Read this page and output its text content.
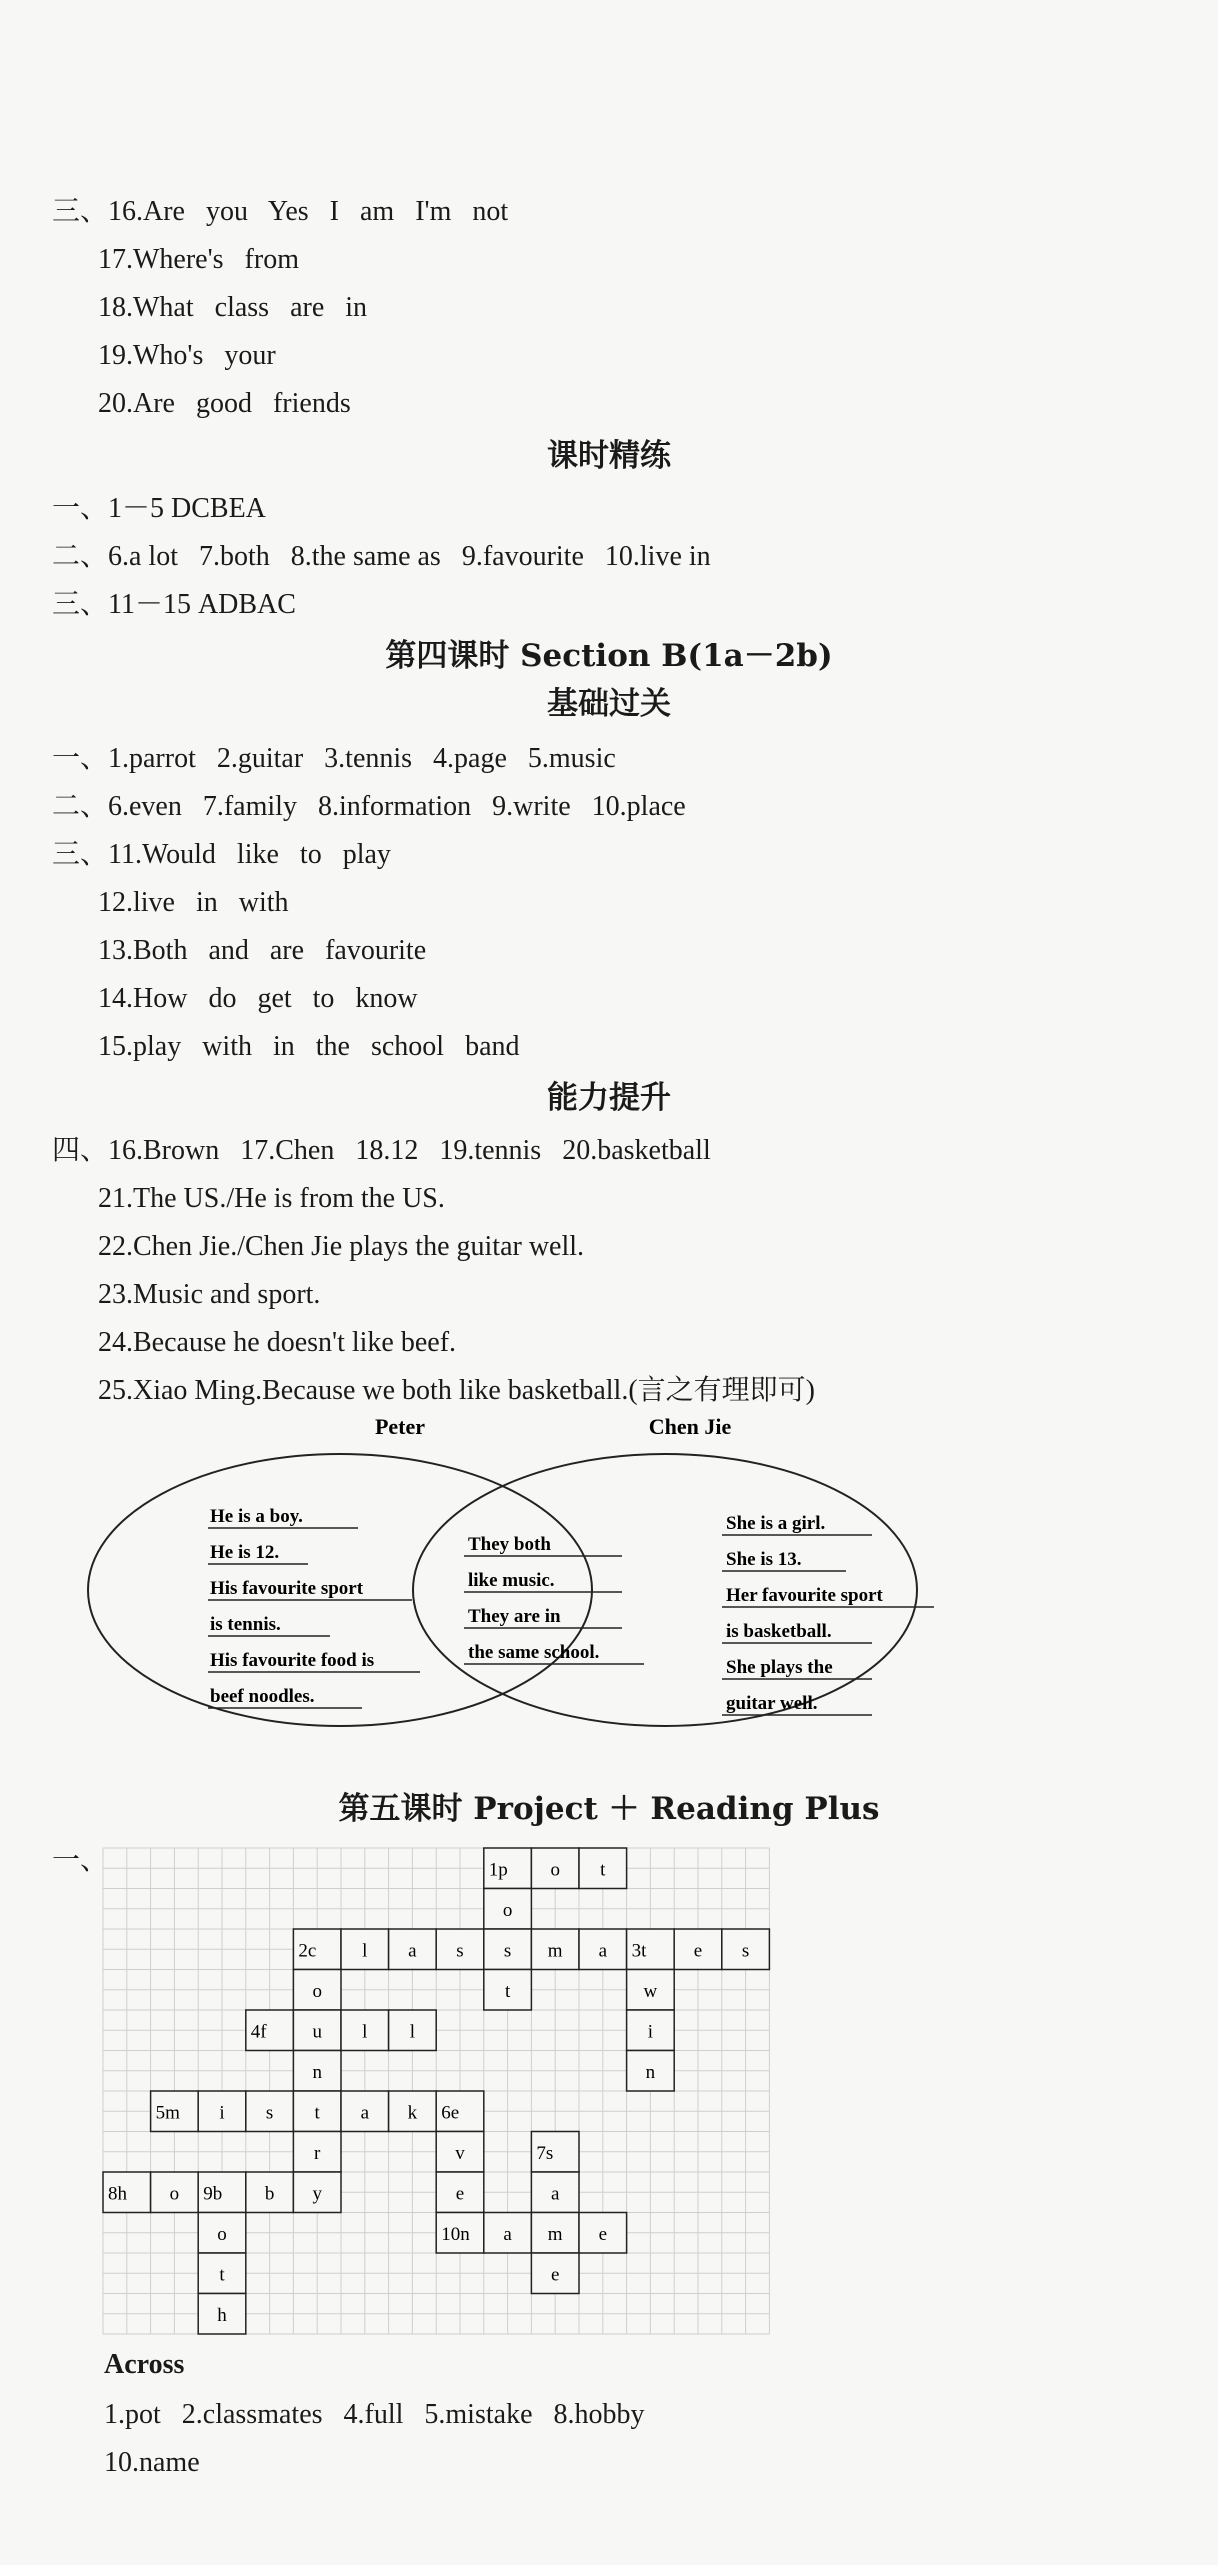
三、16.Are   you   Yes   I   am   I'm   not
17.Where's   from
18.What   class   are   in
19.Who's   your
20.Are   good   friends
课时精练
一、1－5 DCBEA
二、6.a lot   7.both   8.the same as   9.favourite   10.live in
三、11－15 ADBAC
第四课时 Section B(1a－2b)
基础过关
一、1.parrot   2.guitar   3.tennis   4.page   5.music
二、6.even   7.family   8.information   9.write   10.place
三、11.Would   like   to   play
12.live   in   with
13.Both   and   are   favourite
14.How   do   get   to   know
15.play   with   in   the   school   band
能力提升
四、16.Brown   17.Chen   18.12   19.tennis   20.basketball
21.The US./He is from the US.
22.Chen Jie./Chen Jie plays the guitar well.
23.Music and sport.
24.Because he doesn't like beef.
25.Xiao Ming.Because we both like basketball.(言之有理即可)
Peter	Chen Jie
He is a boy.
He is 12.
His favourite sport
is tennis.
His favourite food is
beef noodles.
They both
like music.
They are in
the same school.
She is a girl.
She is 13.
Her favourite sport
is basketball.
She plays the
guitar well.
第五课时 Project ＋ Reading Plus
一、	1p o t
o
2c l a s s m a 3t e s
o	t	w
4f u l l	i
n	n
5m i s t a k 6e
r	v	7s
8h o 9b b y	e	a
o	10n a m e
t	e
h
Across
1.pot   2.classmates   4.full   5.mistake   8.hobby
10.name
